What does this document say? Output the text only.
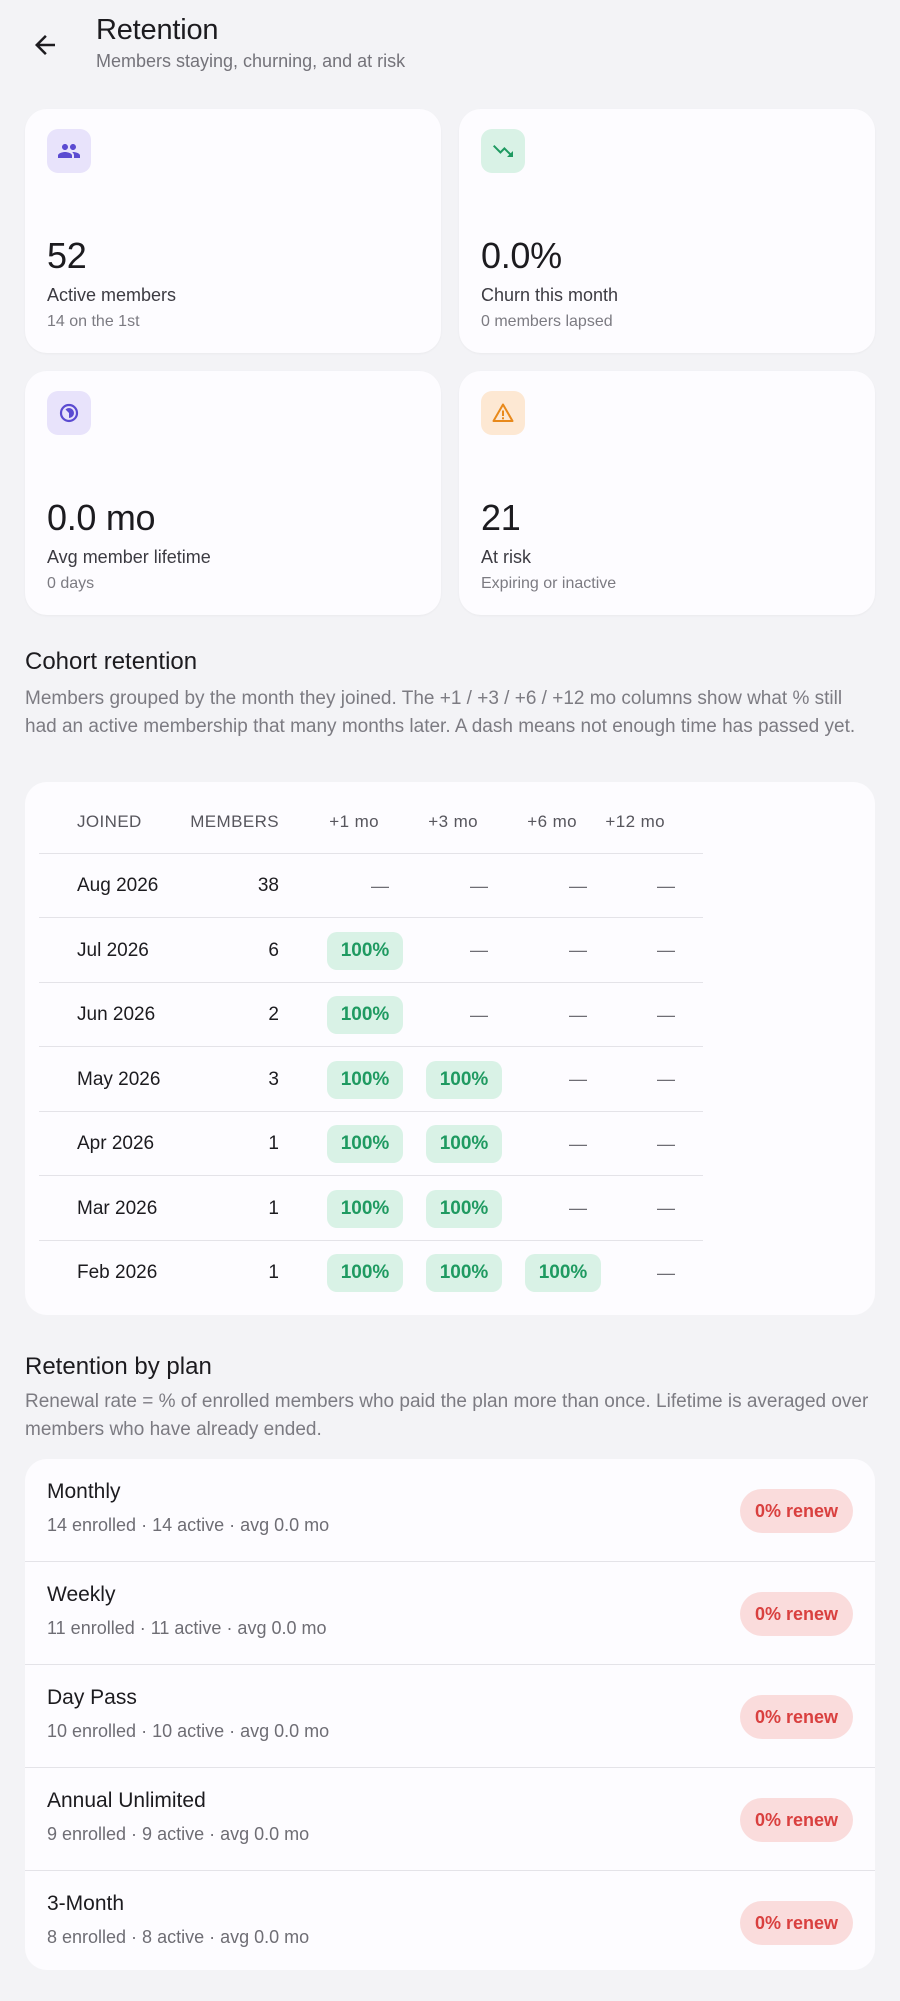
Retention
Members staying, churning, and at risk
52
Active members
14 on the 1st
0.0%
Churn this month
0 members lapsed
0.0 mo
Avg member lifetime
0 days
21
At risk
Expiring or inactive
Cohort retention
Members grouped by the month they joined. The +1 / +3 / +6 / +12 mo columns show what % still had an active membership that many months later. A dash means not enough time has passed yet.
JOINED	MEMBERS	+1 mo	+3 mo	+6 mo +12 mo
Aug 2026	38	—	—	—	—
Jul 2026	6	100%	—	—	—
Jun 2026	2	100%	—	—	—
May 2026	3	100%	100%	—	—
Apr 2026	1	100%	100%	—	—
Mar 2026	1	100%	100%	—	—
Feb 2026	1	100%	100%	100%	—
Retention by plan
Renewal rate = % of enrolled members who paid the plan more than once. Lifetime is averaged over members who have already ended.
Monthly
14 enrolled · 14 active · avg 0.0 mo
0% renew
Weekly
11 enrolled · 11 active · avg 0.0 mo
0% renew
Day Pass
10 enrolled · 10 active · avg 0.0 mo
0% renew
Annual Unlimited
9 enrolled · 9 active · avg 0.0 mo
0% renew
3-Month
8 enrolled · 8 active · avg 0.0 mo
0% renew
